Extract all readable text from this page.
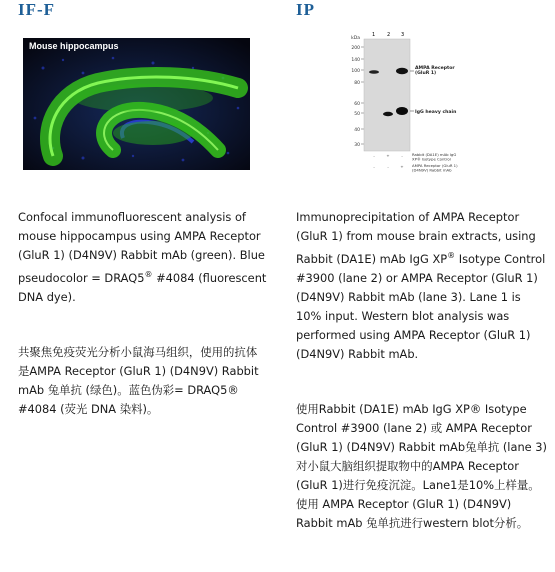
IF-F
Mouse hippocampus

Confocal immunofluorescent analysis of mouse hippocampus using AMPA Receptor (GluR 1) (D4N9V) Rabbit mAb (green). Blue pseudocolor = DRAQ5® #4084 (fluorescent DNA dye).

共聚焦免疫荧光分析小鼠海马组织，使用的抗体是AMPA Receptor (GluR 1) (D4N9V) Rabbit mAb 兔单抗 (绿色)。蓝色伪彩= DRAQ5® #4084 (荧光 DNA 染料)。

IP
1 2 3
kDa
200
140
100
80
60
50
40
30
AMPA Receptor
(GluR 1)
IgG heavy chain
-	+	- Rabbit (DA1E) mAb IgG
XP® Isotype Control
-	-	+ AMPA Receptor (GluR 1)
(D4N9V) Rabbit mAb

Immunoprecipitation of AMPA Receptor (GluR 1) from mouse brain extracts, using Rabbit (DA1E) mAb IgG XP® Isotype Control #3900 (lane 2) or AMPA Receptor (GluR 1) (D4N9V) Rabbit mAb (lane 3). Lane 1 is 10% input. Western blot analysis was performed using AMPA Receptor (GluR 1) (D4N9V) Rabbit mAb.

使用Rabbit (DA1E) mAb IgG XP® Isotype Control #3900 (lane 2) 或 AMPA Receptor (GluR 1) (D4N9V) Rabbit mAb兔单抗 (lane 3)对小鼠大脑组织提取物中的AMPA Receptor (GluR 1)进行免疫沉淀。Lane1是10%上样量。使用 AMPA Receptor (GluR 1) (D4N9V) Rabbit mAb 兔单抗进行western blot分析。
